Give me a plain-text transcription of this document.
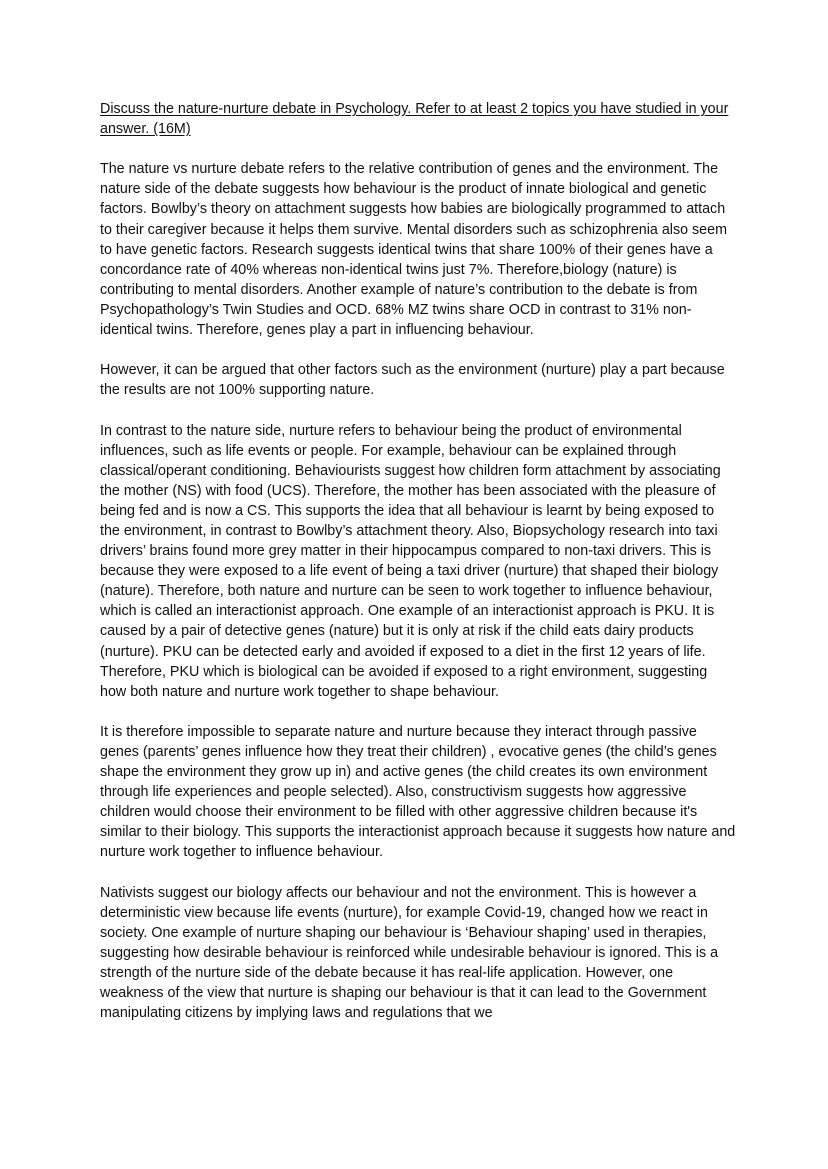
Discuss the nature-nurture debate in Psychology. Refer to at least 2 topics you have studied in your answer. (16M)

The nature vs nurture debate refers to the relative contribution of genes and the environment. The nature side of the debate suggests how behaviour is the product of innate biological and genetic factors. Bowlby’s theory on attachment suggests how babies are biologically programmed to attach to their caregiver because it helps them survive. Mental disorders such as schizophrenia also seem to have genetic factors. Research suggests identical twins that share 100% of their genes have a concordance rate of 40% whereas non-identical twins just 7%. Therefore,biology (nature) is contributing to mental disorders. Another example of nature’s contribution to the debate is from Psychopathology’s Twin Studies and OCD. 68% MZ twins share OCD in contrast to 31% non-identical twins. Therefore, genes play a part in influencing behaviour.

However, it can be argued that other factors such as the environment (nurture) play a part because the results are not 100% supporting nature.

In contrast to the nature side, nurture refers to behaviour being the product of environmental influences, such as life events or people. For example, behaviour can be explained through classical/operant conditioning. Behaviourists suggest how children form attachment by associating the mother (NS) with food (UCS). Therefore, the mother has been associated with the pleasure of being fed and is now a CS. This supports the idea that all behaviour is learnt by being exposed to the environment, in contrast to Bowlby’s attachment theory. Also, Biopsychology research into taxi drivers’ brains found more grey matter in their hippocampus compared to non-taxi drivers. This is because they were exposed to a life event of being a taxi driver (nurture) that shaped their biology (nature). Therefore, both nature and nurture can be seen to work together to influence behaviour, which is called an interactionist approach. One example of an interactionist approach is PKU. It is caused by a pair of detective genes (nature) but it is only at risk if the child eats dairy products (nurture). PKU can be detected early and avoided if exposed to a diet in the first 12 years of life. Therefore, PKU which is biological can be avoided if exposed to a right environment, suggesting how both nature and nurture work together to shape behaviour.

It is therefore impossible to separate nature and nurture because they interact through passive genes (parents’ genes influence how they treat their children) , evocative genes (the child’s genes shape the environment they grow up in) and active genes (the child creates its own environment through life experiences and people selected). Also, constructivism suggests how aggressive children would choose their environment to be filled with other aggressive children because it's similar to their biology. This supports the interactionist approach because it suggests how nature and nurture work together to influence behaviour.

Nativists suggest our biology affects our behaviour and not the environment. This is however a deterministic view because life events (nurture), for example Covid-19, changed how we react in society. One example of nurture shaping our behaviour is ‘Behaviour shaping’ used in therapies, suggesting how desirable behaviour is reinforced while undesirable behaviour is ignored. This is a strength of the nurture side of the debate because it has real-life application. However, one weakness of the view that nurture is shaping our behaviour is that it can lead to the Government manipulating citizens by implying laws and regulations that we
